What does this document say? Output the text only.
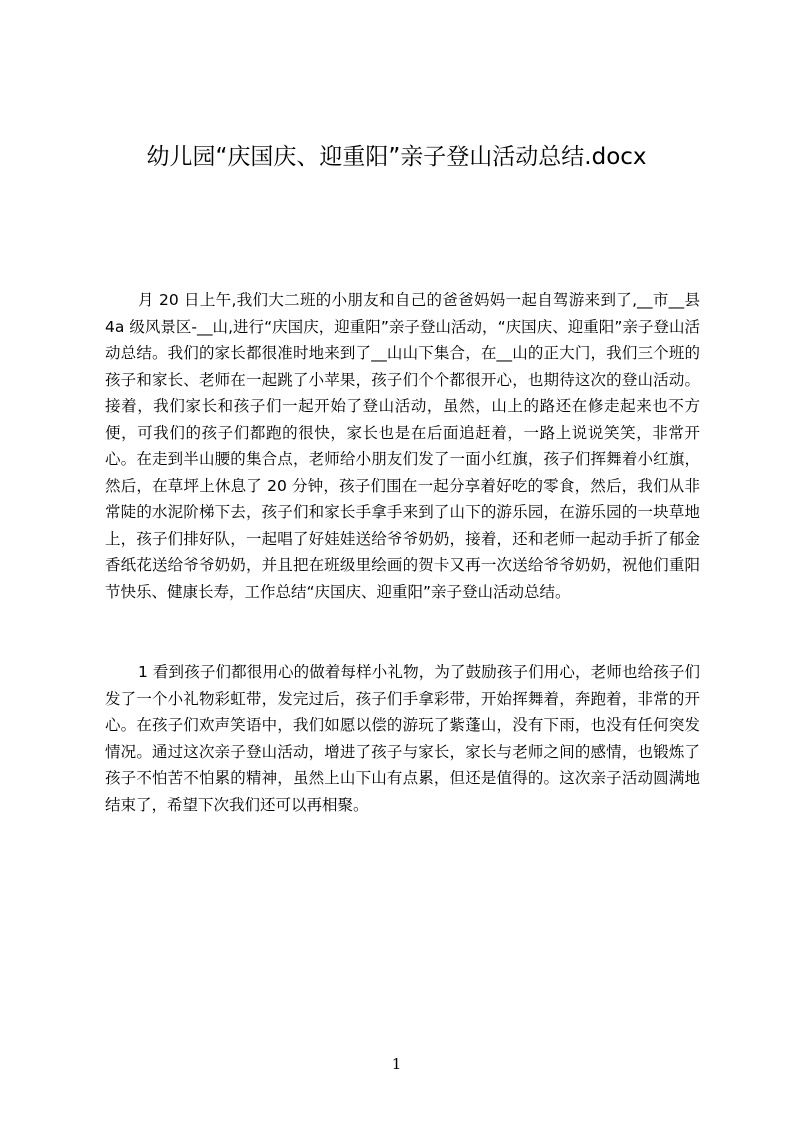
幼儿园“庆国庆、迎重阳”亲子登山活动总结.docx

月 20 日上午,我们大二班的小朋友和自己的爸爸妈妈一起自驾游来到了,__市__县 4a 级风景区-__山,进行“庆国庆，迎重阳”亲子登山活动，“庆国庆、迎重阳”亲子登山活动总结。我们的家长都很准时地来到了__山山下集合，在__山的正大门，我们三个班的孩子和家长、老师在一起跳了小苹果，孩子们个个都很开心，也期待这次的登山活动。接着，我们家长和孩子们一起开始了登山活动，虽然，山上的路还在修走起来也不方便，可我们的孩子们都跑的很快，家长也是在后面追赶着，一路上说说笑笑，非常开心。在走到半山腰的集合点，老师给小朋友们发了一面小红旗，孩子们挥舞着小红旗，然后，在草坪上休息了 20 分钟，孩子们围在一起分享着好吃的零食，然后，我们从非常陡的水泥阶梯下去，孩子们和家长手拿手来到了山下的游乐园，在游乐园的一块草地上，孩子们排好队，一起唱了好娃娃送给爷爷奶奶，接着，还和老师一起动手折了郁金香纸花送给爷爷奶奶，并且把在班级里绘画的贺卡又再一次送给爷爷奶奶，祝他们重阳节快乐、健康长寿，工作总结“庆国庆、迎重阳”亲子登山活动总结。

1 看到孩子们都很用心的做着每样小礼物，为了鼓励孩子们用心，老师也给孩子们发了一个小礼物彩虹带，发完过后，孩子们手拿彩带，开始挥舞着，奔跑着，非常的开心。在孩子们欢声笑语中，我们如愿以偿的游玩了紫蓬山，没有下雨，也没有任何突发情况。通过这次亲子登山活动，增进了孩子与家长，家长与老师之间的感情，也锻炼了孩子不怕苦不怕累的精神，虽然上山下山有点累，但还是值得的。这次亲子活动圆满地结束了，希望下次我们还可以再相聚。

1
